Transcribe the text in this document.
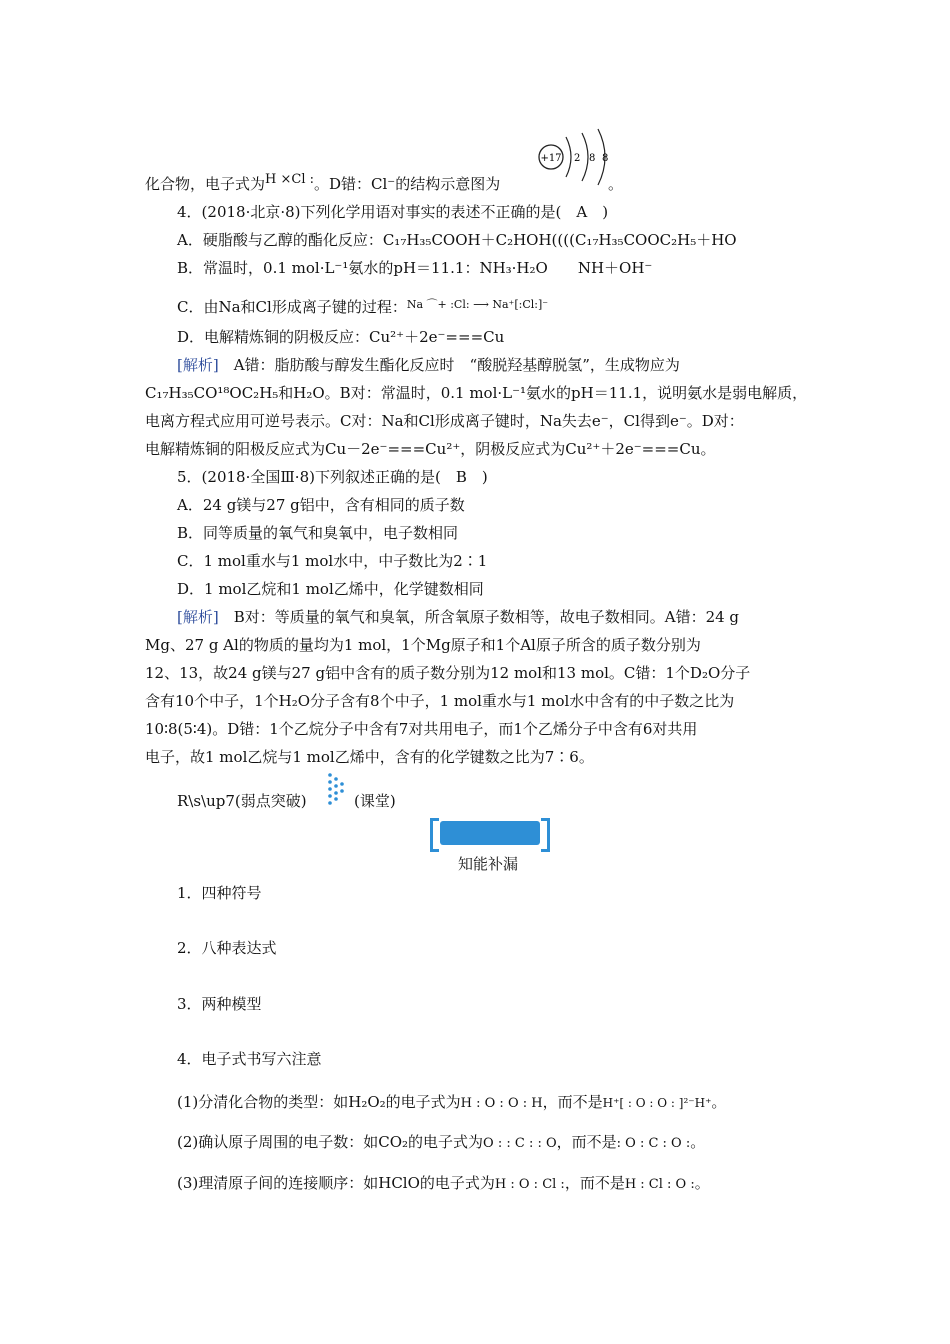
化合物，电子式为H ×Cl :。D错：Cl⁻的结构示意图为
+17 2 8 8
。
4．(2018·北京·8)下列化学用语对事实的表述不正确的是(　A　)
A．硬脂酸与乙醇的酯化反应：C₁₇H₃₅COOH＋C₂HOH((((C₁₇H₃₅COOC₂H₅＋HO
B．常温时，0.1 mol·L⁻¹氨水的pH＝11.1：NH₃·H₂O　　NH＋OH⁻
C．由Na和Cl形成离子键的过程：$^{Na ⌒+ :Cl: ⟶ Na^+[:Cl:]^-}$
D．电解精炼铜的阴极反应：Cu²⁺＋2e⁻===Cu
[解析]　A错：脂肪酸与醇发生酯化反应时　“酸脱羟基醇脱氢”，生成物应为
C₁₇H₃₅CO¹⁸OC₂H₅和H₂O。B对：常温时，0.1 mol·L⁻¹氨水的pH＝11.1，说明氨水是弱电解质，
电离方程式应用可逆号表示。C对：Na和Cl形成离子键时，Na失去e⁻，Cl得到e⁻。D对：
电解精炼铜的阳极反应式为Cu－2e⁻===Cu²⁺，阴极反应式为Cu²⁺＋2e⁻===Cu。
5．(2018·全国Ⅲ·8)下列叙述正确的是(　B　)
A．24 g镁与27 g铝中，含有相同的质子数
B．同等质量的氧气和臭氧中，电子数相同
C．1 mol重水与1 mol水中，中子数比为2∶1
D．1 mol乙烷和1 mol乙烯中，化学键数相同
[解析]　B对：等质量的氧气和臭氧，所含氧原子数相等，故电子数相同。A错：24 g
Mg、27 g Al的物质的量均为1 mol，1个Mg原子和1个Al原子所含的质子数分别为
12、13，故24 g镁与27 g铝中含有的质子数分别为12 mol和13 mol。C错：1个D₂O分子
含有10个中子，1个H₂O分子含有8个中子，1 mol重水与1 mol水中含有的中子数之比为
10∶8(5∶4)。D错：1个乙烷分子中含有7对共用电子，而1个乙烯分子中含有6对共用
电子，故1 mol乙烷与1 mol乙烯中，含有的化学键数之比为7∶6。
R\s\up7(弱点突破)	(课堂)
知能补漏
1．四种符号
2．八种表达式
3．两种模型
4．电子式书写六注意
(1)分清化合物的类型：如H₂O₂的电子式为H : O : O : H，而不是H⁺[ : O : O : ]²⁻H⁺。
(2)确认原子周围的电子数：如CO₂的电子式为O : : C : : O，而不是: O : C : O :。
(3)理清原子间的连接顺序：如HClO的电子式为H : O : Cl :，而不是H : Cl : O :。
